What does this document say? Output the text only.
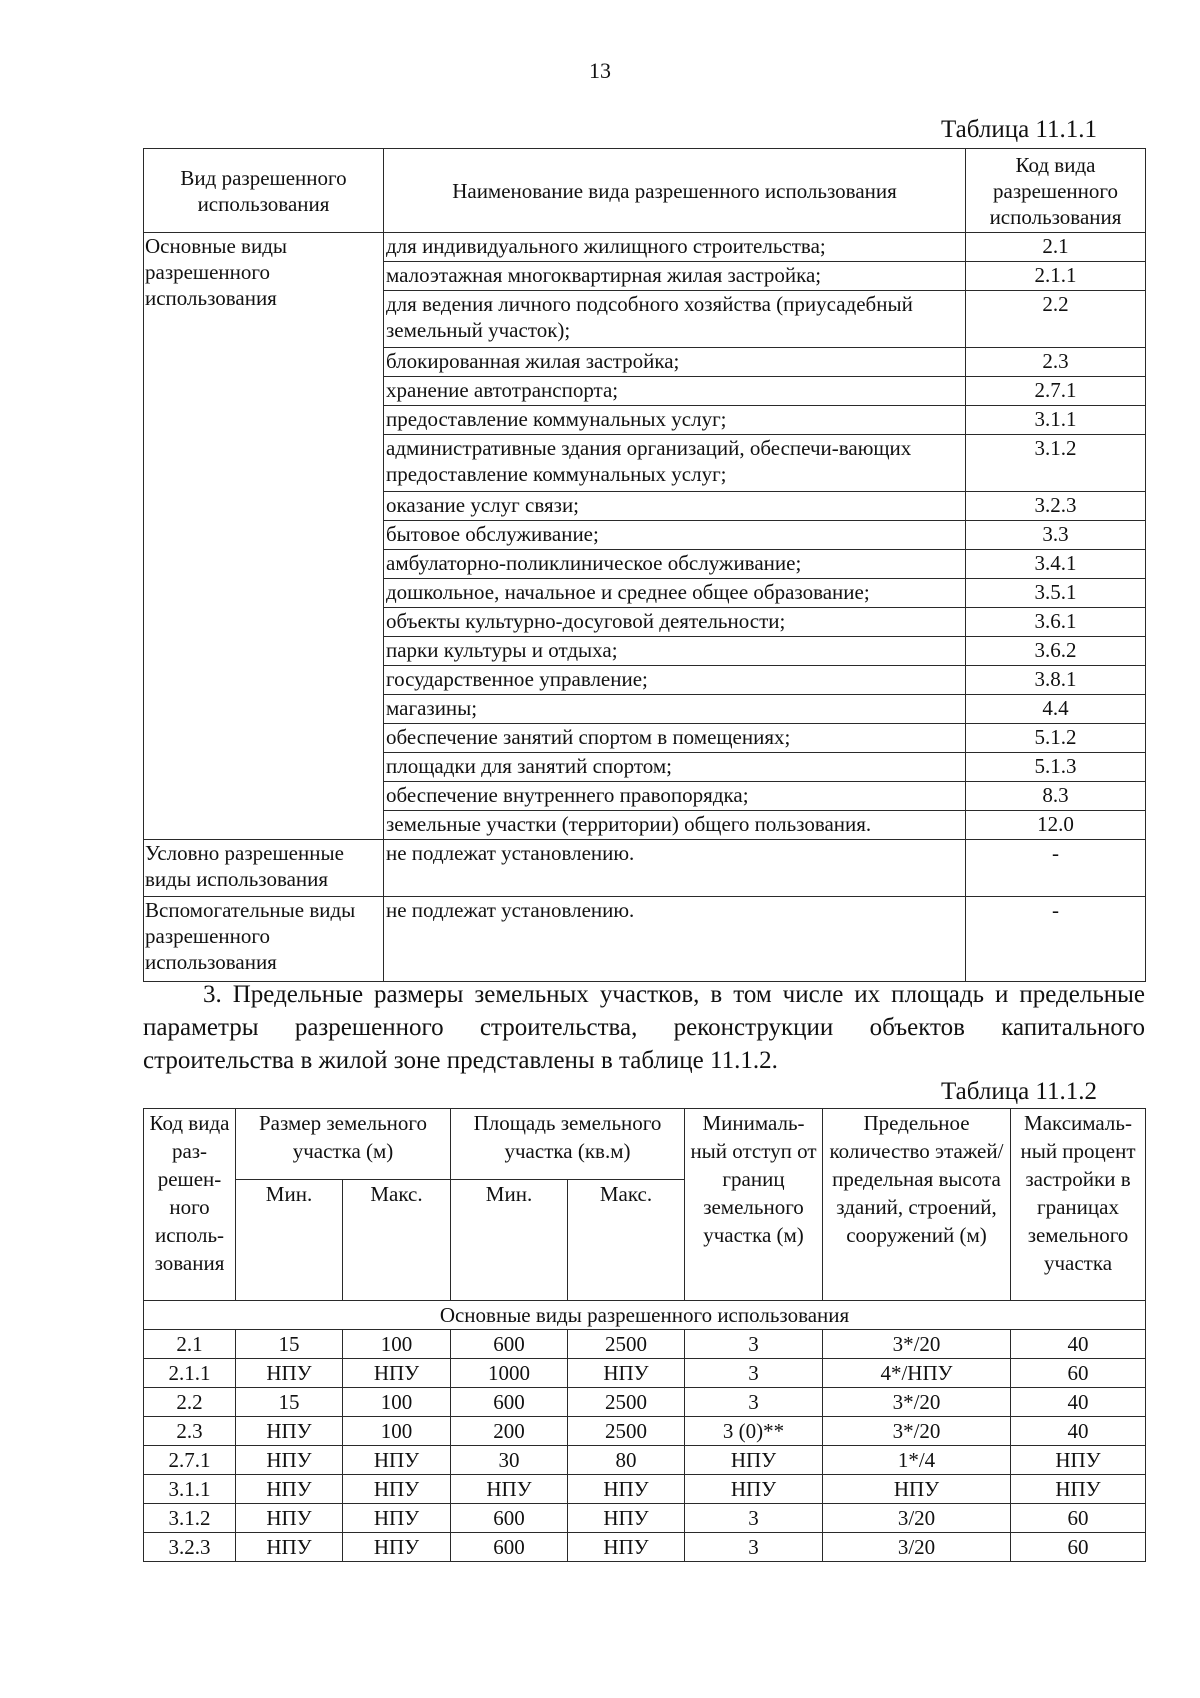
13
Таблица 11.1.1
Вид разрешенного использования	Наименование вида разрешенного использования	Код вида разрешенного использования
Основные виды разрешенного использования	для индивидуального жилищного строительства;	2.1
	малоэтажная многоквартирная жилая застройка;	2.1.1
	для ведения личного подсобного хозяйства (приусадебный земельный участок);	2.2
	блокированная жилая застройка;	2.3
	хранение автотранспорта;	2.7.1
	предоставление коммунальных услуг;	3.1.1
	административные здания организаций, обеспечи-вающих предоставление коммунальных услуг;	3.1.2
	оказание услуг связи;	3.2.3
	бытовое обслуживание;	3.3
	амбулаторно-поликлиническое обслуживание;	3.4.1
	дошкольное, начальное и среднее общее образование;	3.5.1
	объекты культурно-досуговой деятельности;	3.6.1
	парки культуры и отдыха;	3.6.2
	государственное управление;	3.8.1
	магазины;	4.4
	обеспечение занятий спортом в помещениях;	5.1.2
	площадки для занятий спортом;	5.1.3
	обеспечение внутреннего правопорядка;	8.3
	земельные участки (территории) общего пользования.	12.0
Условно разрешенные виды использования	не подлежат установлению.	-
Вспомогательные виды разрешенного использования	не подлежат установлению.	-
3. Предельные размеры земельных участков, в том числе их площадь и предельные параметры разрешенного строительства, реконструкции объектов капитального строительства в жилой зоне представлены в таблице 11.1.2.
Таблица 11.1.2
Код вида раз-решен-ного исполь-зования	Размер земельного участка (м)		Площадь земельного участка (кв.м)		Минималь-ный отступ от границ земельного участка (м)	Предельное количество этажей/ предельная высота зданий, строений, сооружений (м)	Максималь-ный процент застройки в границах земельного участка
	Мин.	Макс.	Мин.	Макс.			
Основные виды разрешенного использования							
2.1	15	100	600	2500	3	3*/20	40
2.1.1	НПУ	НПУ	1000	НПУ	3	4*/НПУ	60
2.2	15	100	600	2500	3	3*/20	40
2.3	НПУ	100	200	2500	3 (0)**	3*/20	40
2.7.1	НПУ	НПУ	30	80	НПУ	1*/4	НПУ
3.1.1	НПУ	НПУ	НПУ	НПУ	НПУ	НПУ	НПУ
3.1.2	НПУ	НПУ	600	НПУ	3	3/20	60
3.2.3	НПУ	НПУ	600	НПУ	3	3/20	60
